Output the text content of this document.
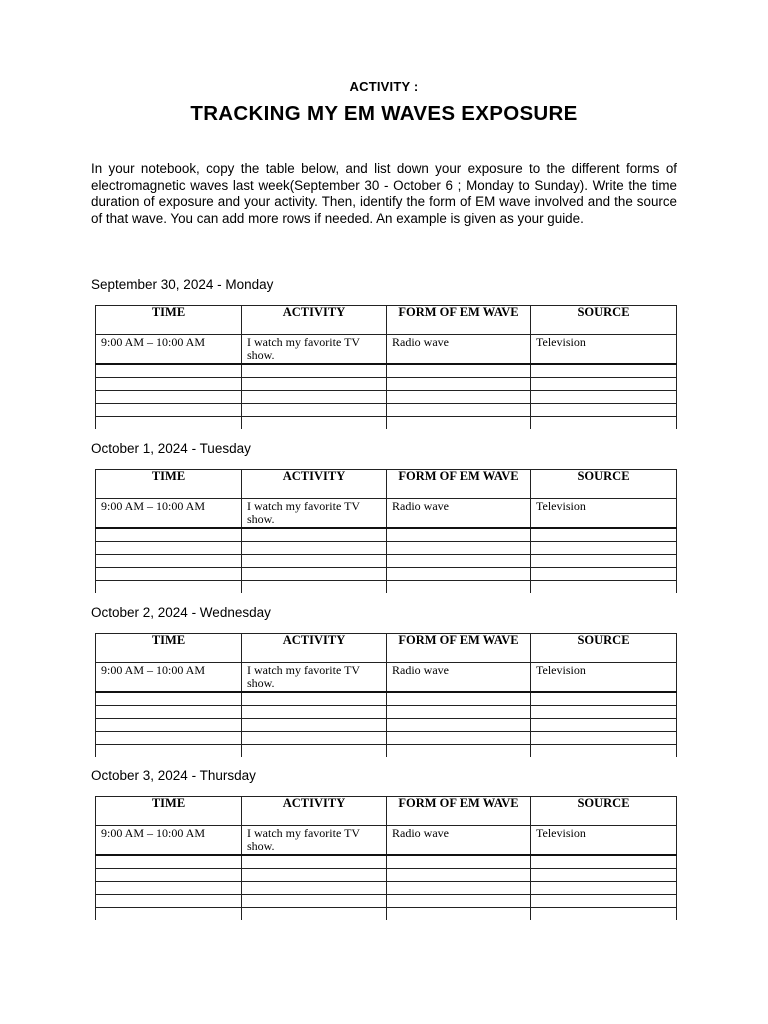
ACTIVITY :
TRACKING MY EM WAVES EXPOSURE

In your notebook, copy the table below, and list down your exposure to the different forms of electromagnetic waves last week(September 30 - October 6 ; Monday to Sunday). Write the time duration of exposure and your activity. Then, identify the form of EM wave involved and the source of that wave. You can add more rows if needed. An example is given as your guide.

September 30, 2024 - Monday
TIME	ACTIVITY	FORM OF EM WAVE	SOURCE
9:00 AM – 10:00 AM	I watch my favorite TV show.	Radio wave	Television

October 1, 2024 - Tuesday
TIME	ACTIVITY	FORM OF EM WAVE	SOURCE
9:00 AM – 10:00 AM	I watch my favorite TV show.	Radio wave	Television

October 2, 2024 - Wednesday
TIME	ACTIVITY	FORM OF EM WAVE	SOURCE
9:00 AM – 10:00 AM	I watch my favorite TV show.	Radio wave	Television

October 3, 2024 - Thursday
TIME	ACTIVITY	FORM OF EM WAVE	SOURCE
9:00 AM – 10:00 AM	I watch my favorite TV show.	Radio wave	Television
